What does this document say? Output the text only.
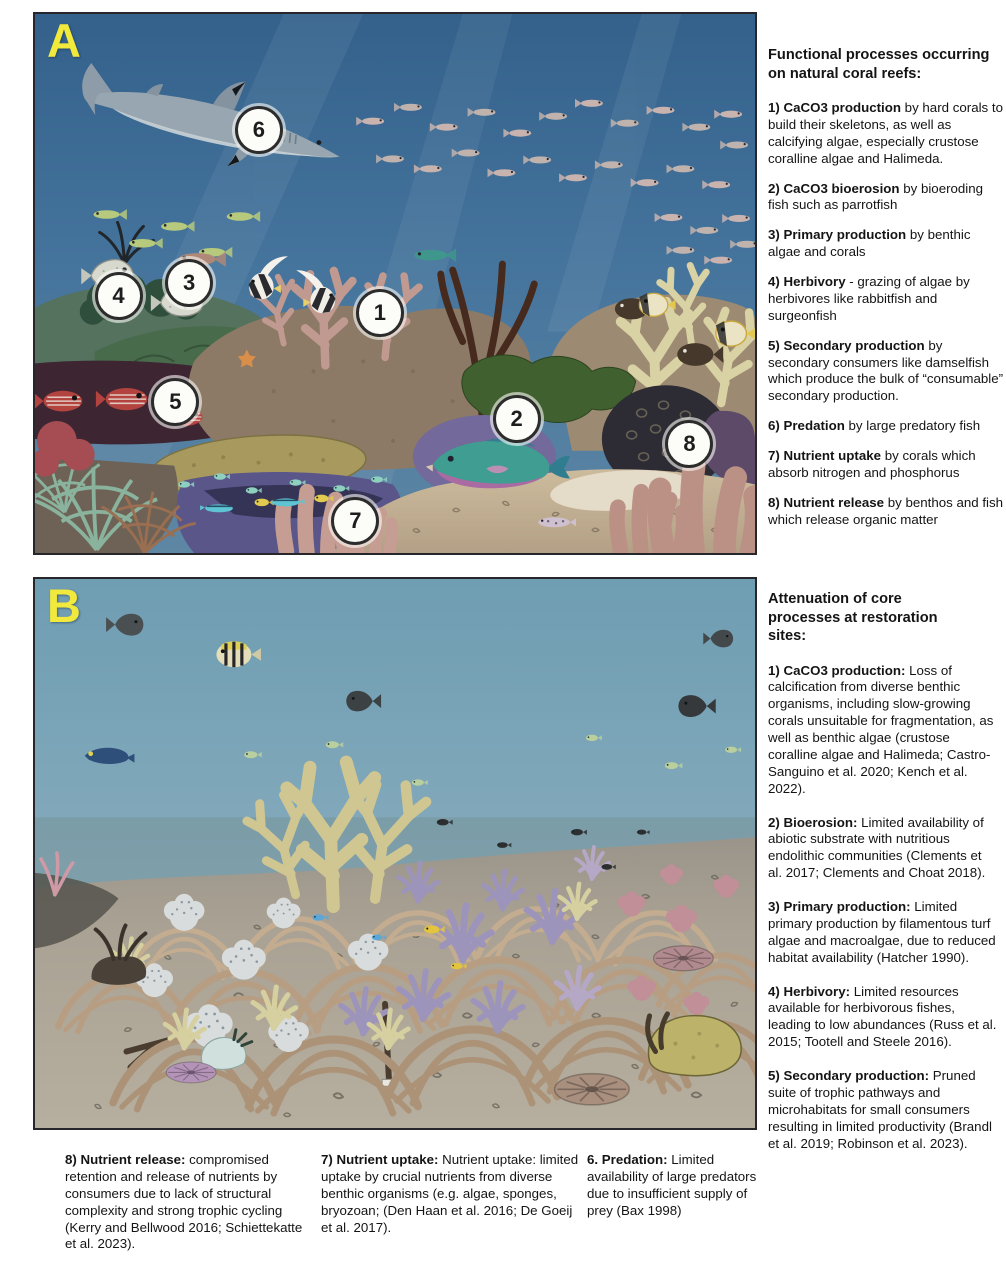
A
1
2
3
4
5
6
7
8
Functional processes occurring on natural coral reefs:
1) CaCO3 production by hard corals to build their skeletons, as well as calcifying algae, especially crustose coralline algae and Halimeda.
2) CaCO3 bioerosion by bioeroding fish such as parrotfish
3) Primary production by benthic algae and corals
4) Herbivory - grazing of algae by herbivores like rabbitfish and surgeonfish
5) Secondary production by secondary consumers like damselfish which produce the bulk of “consumable” secondary production.
6) Predation by large predatory fish
7) Nutrient uptake by corals which absorb nitrogen and phosphorus
8) Nutrient release by benthos and fish which release organic matter
B	Attenuation of core processes at restoration sites:
1) CaCO3 production: Loss of calcification from diverse benthic organisms, including slow-growing corals unsuitable for fragmentation, as well as benthic algae (crustose coralline algae and Halimeda; Castro-Sanguino et al. 2020; Kench et al. 2022).
2) Bioerosion: Limited availability of abiotic substrate with nutritious endolithic communities (Clements et al. 2017; Clements and Choat 2018).
3) Primary production: Limited primary production by filamentous turf algae and macroalgae, due to reduced habitat availability (Hatcher 1990).
4) Herbivory: Limited resources available for herbivorous fishes, leading to low abundances (Russ et al. 2015; Tootell and Steele 2016).
5) Secondary production: Pruned suite of trophic pathways and microhabitats for small consumers resulting in limited productivity (Brandl et al. 2019; Robinson et al. 2023).
8) Nutrient release: compromised retention and release of nutrients by consumers due to lack of structural complexity and strong trophic cycling (Kerry and Bellwood 2016; Schiettekatte et al. 2023).
7) Nutrient uptake: Nutrient uptake: limited uptake by crucial nutrients from diverse benthic organisms (e.g. algae, sponges, bryozoan; (Den Haan et al. 2016; De Goeij et al. 2017).
6. Predation: Limited availability of large predators due to insufficient supply of prey (Bax 1998)
